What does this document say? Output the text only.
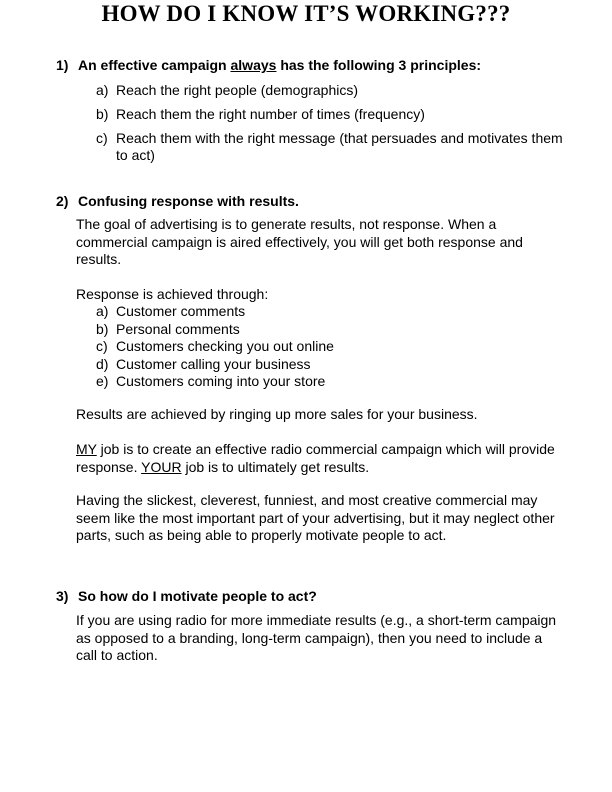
HOW DO I KNOW IT’S WORKING???
1) An effective campaign always has the following 3 principles:
a) Reach the right people (demographics)
b) Reach them the right number of times (frequency)
c) Reach them with the right message (that persuades and motivates them to act)
2) Confusing response with results.

The goal of advertising is to generate results, not response. When a commercial campaign is aired effectively, you will get both response and results.

Response is achieved through:

a) Customer comments
b) Personal comments
c) Customers checking you out online
d) Customer calling your business
e) Customers coming into your store

Results are achieved by ringing up more sales for your business.

MY job is to create an effective radio commercial campaign which will provide response. YOUR job is to ultimately get results.

Having the slickest, cleverest, funniest, and most creative commercial may seem like the most important part of your advertising, but it may neglect other parts, such as being able to properly motivate people to act.

3) So how do I motivate people to act?

If you are using radio for more immediate results (e.g., a short-term campaign as opposed to a branding, long-term campaign), then you need to include a call to action.
